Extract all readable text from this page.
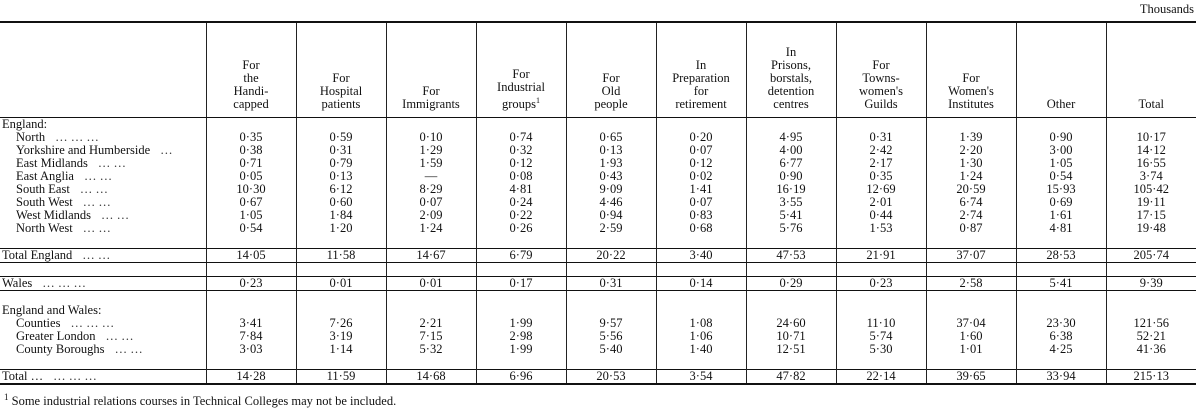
Thousands
	For
the
Handi-
capped	For
Hospital
patients	For
Immigrants	For
Industrial
groups$^1$	For
Old
people	In
Preparation
for
retirement	In
Prisons,
borstals,
detention
centres	For
Towns-
women's
Guilds	For
Women's
Institutes	Other	Total
England:											
North … … …	0·35	0·59	0·10	0·74	0·65	0·20	4·95	0·31	1·39	0·90	10·17
Yorkshire and Humberside …	0·38	0·31	1·29	0·32	0·13	0·07	4·00	2·42	2·20	3·00	14·12
East Midlands … …	0·71	0·79	1·59	0·12	1·93	0·12	6·77	2·17	1·30	1·05	16·55
East Anglia … …	0·05	0·13	—	0·08	0·43	0·02	0·90	0·35	1·24	0·54	3·74
South East … …	10·30	6·12	8·29	4·81	9·09	1·41	16·19	12·69	20·59	15·93	105·42
South West … …	0·67	0·60	0·07	0·24	4·46	0·07	3·55	2·01	6·74	0·69	19·11
West Midlands … …	1·05	1·84	2·09	0·22	0·94	0·83	5·41	0·44	2·74	1·61	17·15
North West … …	0·54	1·20	1·24	0·26	2·59	0·68	5·76	1·53	0·87	4·81	19·48

Total England … …	14·05	11·58	14·67	6·79	20·22	3·40	47·53	21·91	37·07	28·53	205·74

Wales … … …	0·23	0·01	0·01	0·17	0·31	0·14	0·29	0·23	2·58	5·41	9·39

England and Wales:											
Counties … … …	3·41	7·26	2·21	1·99	9·57	1·08	24·60	11·10	37·04	23·30	121·56
Greater London … …	7·84	3·19	7·15	2·98	5·56	1·06	10·71	5·74	1·60	6·38	52·21
County Boroughs … …	3·03	1·14	5·32	1·99	5·40	1·40	12·51	5·30	1·01	4·25	41·36

Total … … … …	14·28	11·59	14·68	6·96	20·53	3·54	47·82	22·14	39·65	33·94	215·13
$^1$ Some industrial relations courses in Technical Colleges may not be included.
